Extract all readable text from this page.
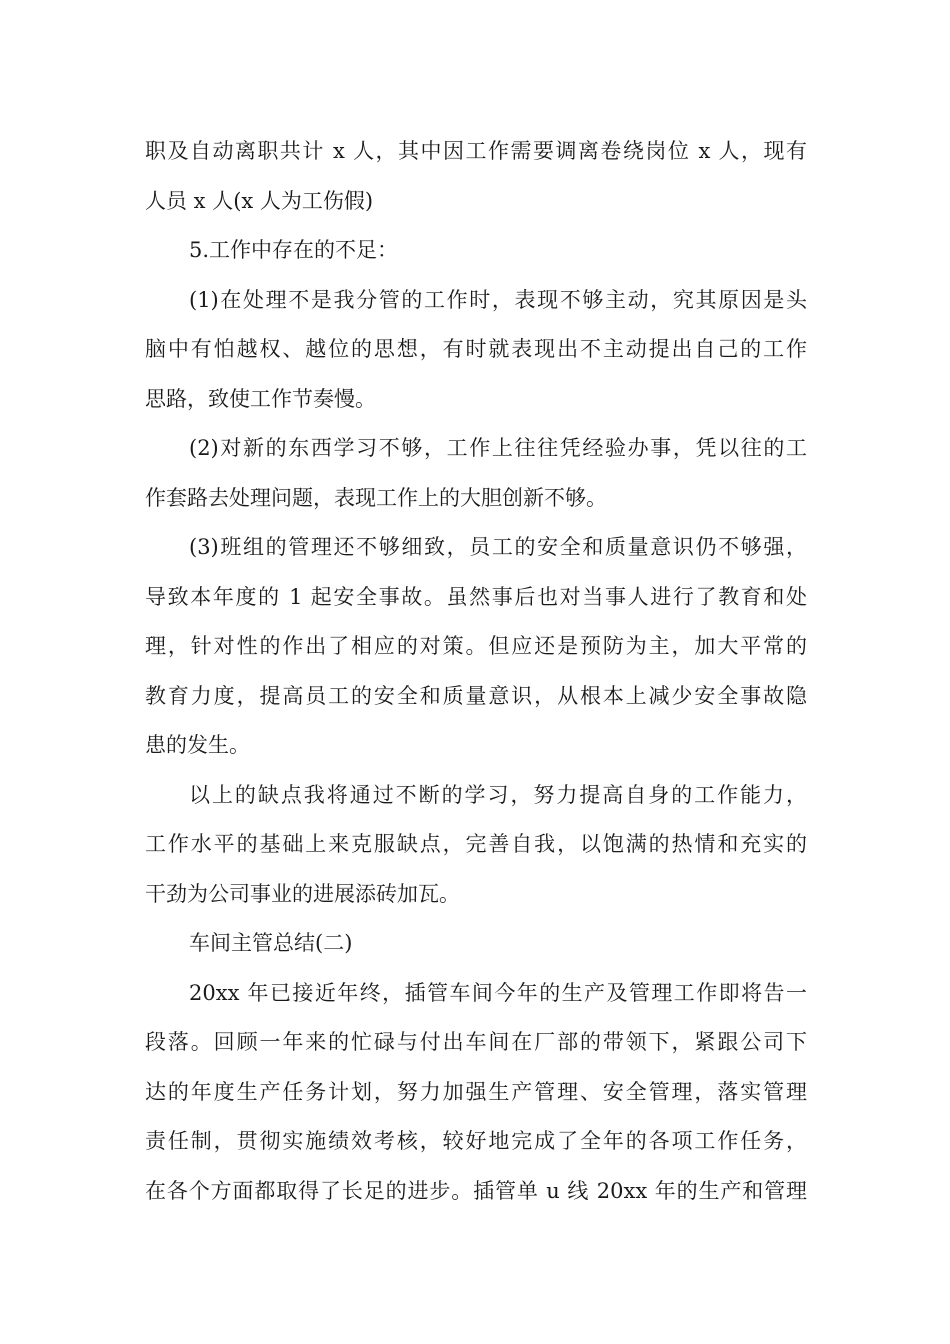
职及自动离职共计 x 人，其中因工作需要调离卷绕岗位 x 人，现有
人员 x 人(x 人为工伤假)
5.工作中存在的不足：
(1)在处理不是我分管的工作时，表现不够主动，究其原因是头
脑中有怕越权、越位的思想，有时就表现出不主动提出自己的工作
思路，致使工作节奏慢。
(2)对新的东西学习不够，工作上往往凭经验办事，凭以往的工
作套路去处理问题，表现工作上的大胆创新不够。
(3)班组的管理还不够细致，员工的安全和质量意识仍不够强，
导致本年度的 1 起安全事故。虽然事后也对当事人进行了教育和处
理，针对性的作出了相应的对策。但应还是预防为主，加大平常的
教育力度，提高员工的安全和质量意识，从根本上减少安全事故隐
患的发生。
以上的缺点我将通过不断的学习，努力提高自身的工作能力，
工作水平的基础上来克服缺点，完善自我，以饱满的热情和充实的
干劲为公司事业的进展添砖加瓦。
车间主管总结(二)
20xx 年已接近年终，插管车间今年的生产及管理工作即将告一
段落。回顾一年来的忙碌与付出车间在厂部的带领下，紧跟公司下
达的年度生产任务计划，努力加强生产管理、安全管理，落实管理
责任制，贯彻实施绩效考核，较好地完成了全年的各项工作任务，
在各个方面都取得了长足的进步。插管单 u 线 20xx 年的生产和管理
